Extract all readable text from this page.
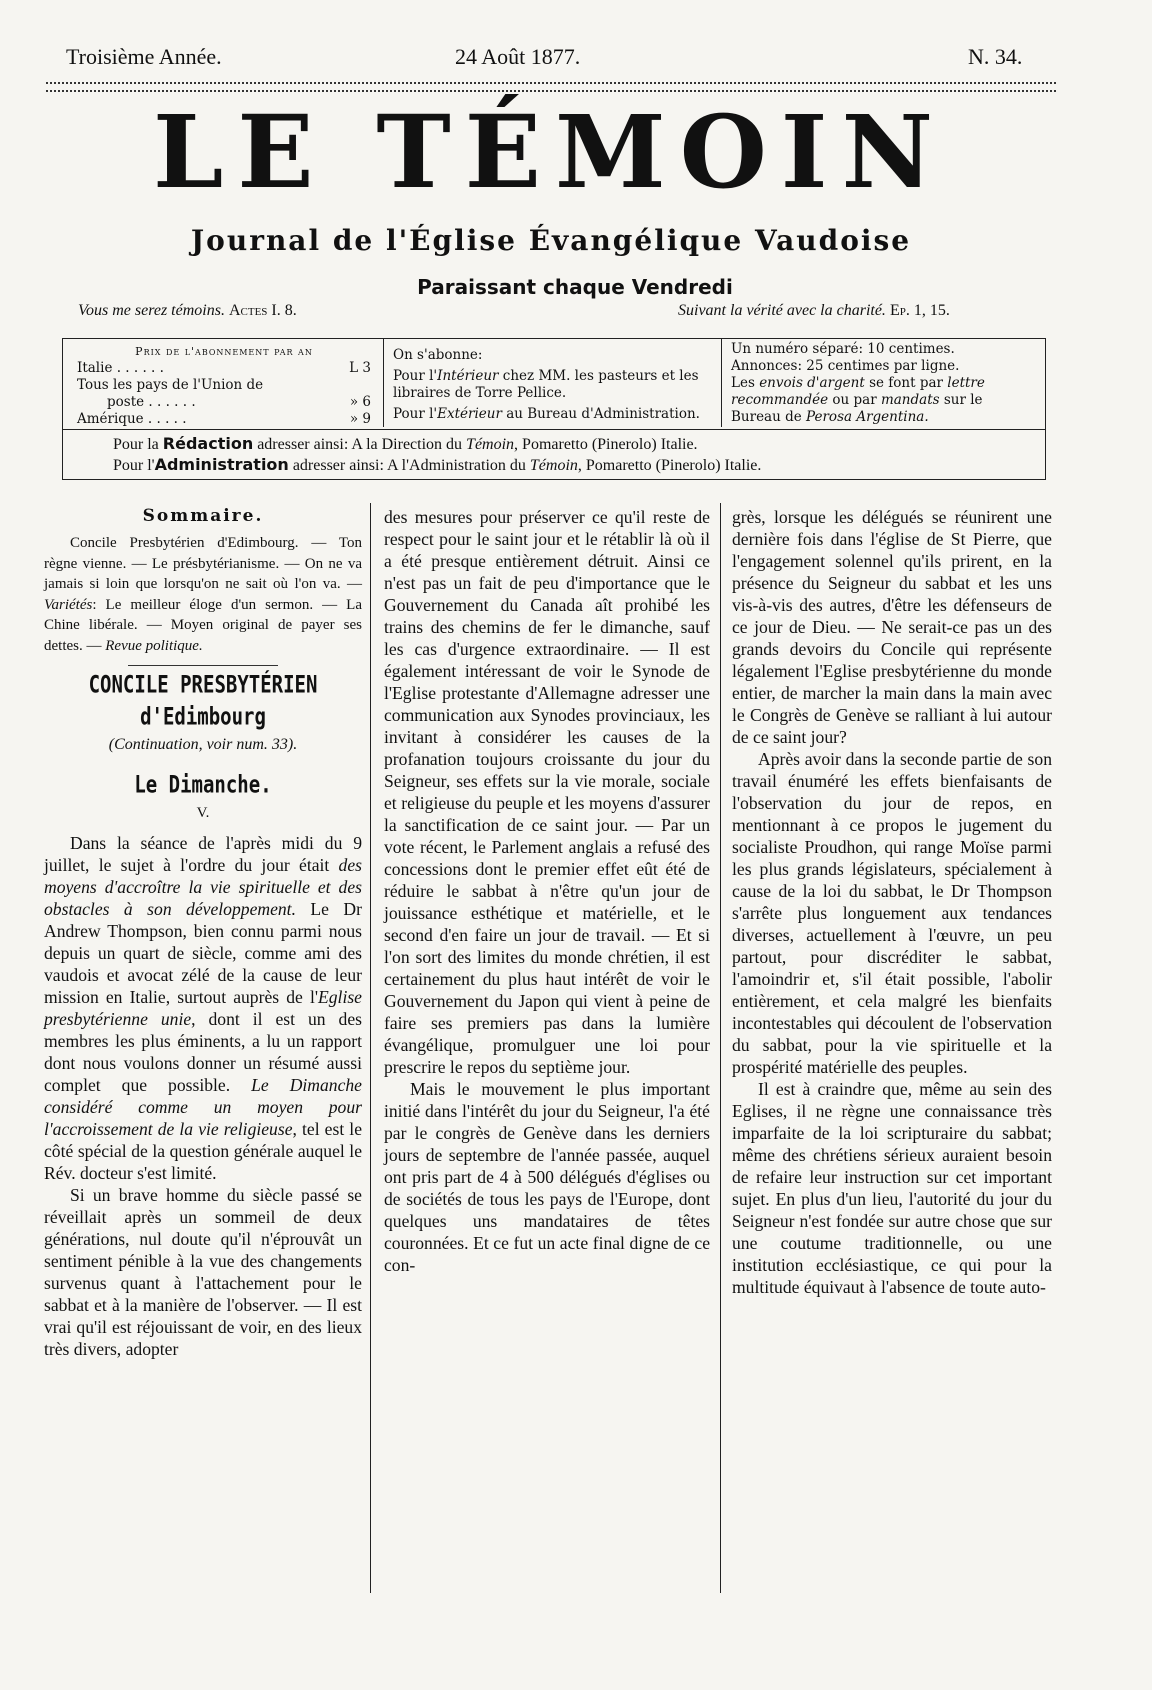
Troisième Année.	24 Août 1877.	N. 34.
LE TÉMOIN
Journal de l'Église Évangélique Vaudoise
Paraissant chaque Vendredi
Vous me serez témoins. Actes I. 8.	Suivant la vérité avec la charité. Ep. 1, 15.
Prix de l'abonnement par an
Italie . . . . . .	L 3
Tous les pays de l'Union de
poste . . . . . .	» 6
Amérique . . . . .	» 9
On s'abonne:
Pour l'Intérieur chez MM. les pasteurs et les libraires de Torre Pellice.
Pour l'Extérieur au Bureau d'Administration.
Un numéro séparé: 10 centimes.
Annonces: 25 centimes par ligne.
Les envois d'argent se font par lettre recommandée ou par mandats sur le Bureau de Perosa Argentina.
Pour la Rédaction adresser ainsi: A la Direction du Témoin, Pomaretto (Pinerolo) Italie.
Pour l'Administration adresser ainsi: A l'Administration du Témoin, Pomaretto (Pinerolo) Italie.
Sommaire.
Concile Presbytérien d'Edimbourg. — Ton règne vienne. — Le présbytérianisme. — On ne va jamais si loin que lorsqu'on ne sait où l'on va. — Variétés: Le meilleur éloge d'un sermon. — La Chine libérale. — Moyen original de payer ses dettes. — Revue politique.
CONCILE PRESBYTÉRIEN
d'Edimbourg
(Continuation, voir num. 33).
Le Dimanche.
V.

Dans la séance de l'après midi du 9 juillet, le sujet à l'ordre du jour était des moyens d'accroître la vie spirituelle et des obstacles à son développement. Le Dr Andrew Thompson, bien connu parmi nous depuis un quart de siècle, comme ami des vaudois et avocat zélé de la cause de leur mission en Italie, surtout auprès de l'Eglise presbytérienne unie, dont il est un des membres les plus éminents, a lu un rapport dont nous voulons donner un résumé aussi complet que possible. Le Dimanche considéré comme un moyen pour l'accroissement de la vie religieuse, tel est le côté spécial de la question générale auquel le Rév. docteur s'est limité.

Si un brave homme du siècle passé se réveillait après un sommeil de deux générations, nul doute qu'il n'éprouvât un sentiment pénible à la vue des changements survenus quant à l'attachement pour le sabbat et à la manière de l'observer. — Il est vrai qu'il est réjouissant de voir, en des lieux très divers, adopter

des mesures pour préserver ce qu'il reste de respect pour le saint jour et le rétablir là où il a été presque entièrement détruit. Ainsi ce n'est pas un fait de peu d'importance que le Gouvernement du Canada aît prohibé les trains des chemins de fer le dimanche, sauf les cas d'urgence extraordinaire. — Il est également intéressant de voir le Synode de l'Eglise protestante d'Allemagne adresser une communication aux Synodes provinciaux, les invitant à considérer les causes de la profanation toujours croissante du jour du Seigneur, ses effets sur la vie morale, sociale et religieuse du peuple et les moyens d'assurer la sanctification de ce saint jour. — Par un vote récent, le Parlement anglais a refusé des concessions dont le premier effet eût été de réduire le sabbat à n'être qu'un jour de jouissance esthétique et matérielle, et le second d'en faire un jour de travail. — Et si l'on sort des limites du monde chrétien, il est certainement du plus haut intérêt de voir le Gouvernement du Japon qui vient à peine de faire ses premiers pas dans la lumière évangélique, promulguer une loi pour prescrire le repos du septième jour.

Mais le mouvement le plus important initié dans l'intérêt du jour du Seigneur, l'a été par le congrès de Genève dans les derniers jours de septembre de l'année passée, auquel ont pris part de 4 à 500 délégués d'églises ou de sociétés de tous les pays de l'Europe, dont quelques uns mandataires de têtes couronnées. Et ce fut un acte final digne de ce con-

grès, lorsque les délégués se réunirent une dernière fois dans l'église de St Pierre, que l'engagement solennel qu'ils prirent, en la présence du Seigneur du sabbat et les uns vis-à-vis des autres, d'être les défenseurs de ce jour de Dieu. — Ne serait-ce pas un des grands devoirs du Concile qui représente légalement l'Eglise presbytérienne du monde entier, de marcher la main dans la main avec le Congrès de Genève se ralliant à lui autour de ce saint jour?

Après avoir dans la seconde partie de son travail énuméré les effets bienfaisants de l'observation du jour de repos, en mentionnant à ce propos le jugement du socialiste Proudhon, qui range Moïse parmi les plus grands législateurs, spécialement à cause de la loi du sabbat, le Dr Thompson s'arrête plus longuement aux tendances diverses, actuellement à l'œuvre, un peu partout, pour discréditer le sabbat, l'amoindrir et, s'il était possible, l'abolir entièrement, et cela malgré les bienfaits incontestables qui découlent de l'observation du sabbat, pour la vie spirituelle et la prospérité matérielle des peuples.

Il est à craindre que, même au sein des Eglises, il ne règne une connaissance très imparfaite de la loi scripturaire du sabbat; même des chrétiens sérieux auraient besoin de refaire leur instruction sur cet important sujet. En plus d'un lieu, l'autorité du jour du Seigneur n'est fondée sur autre chose que sur une coutume traditionnelle, ou une institution ecclésiastique, ce qui pour la multitude équivaut à l'absence de toute auto-
